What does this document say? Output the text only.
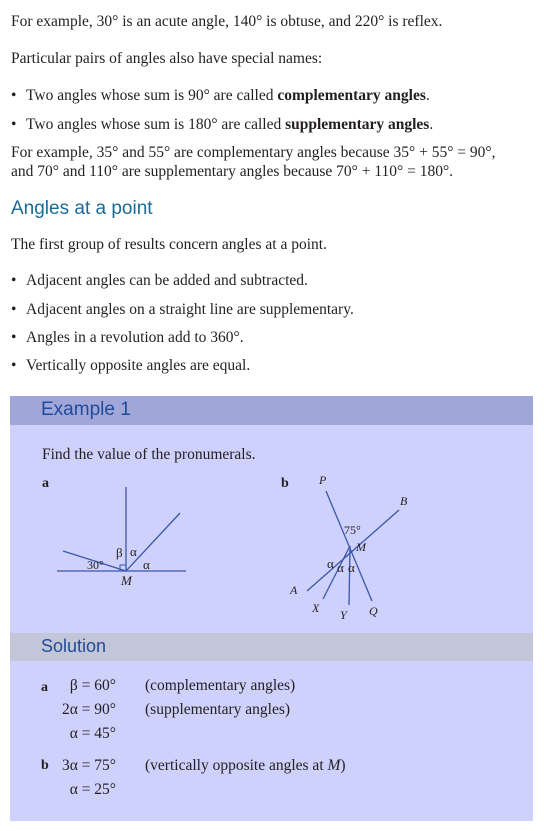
For example, 30° is an acute angle, 140° is obtuse, and 220° is reflex.
Particular pairs of angles also have special names:
• Two angles whose sum is 90° are called complementary angles.
• Two angles whose sum is 180° are called supplementary angles.
For example, 35° and 55° are complementary angles because 35° + 55° = 90°,
and 70° and 110° are supplementary angles because 70° + 110° = 180°.
Angles at a point
The first group of results concern angles at a point.
• Adjacent angles can be added and subtracted.
• Adjacent angles on a straight line are supplementary.
• Angles in a revolution add to 360°.
• Vertically opposite angles are equal.
Example 1
Find the value of the pronumerals.
a	b
30°
β α
α
M
P
B
75°
M
α α α
A
X Y Q
Solution
a	β = 60° (complementary angles)
2α = 90° (supplementary angles)
α = 45°
b 3α = 75° (vertically opposite angles at M)
α = 25°
